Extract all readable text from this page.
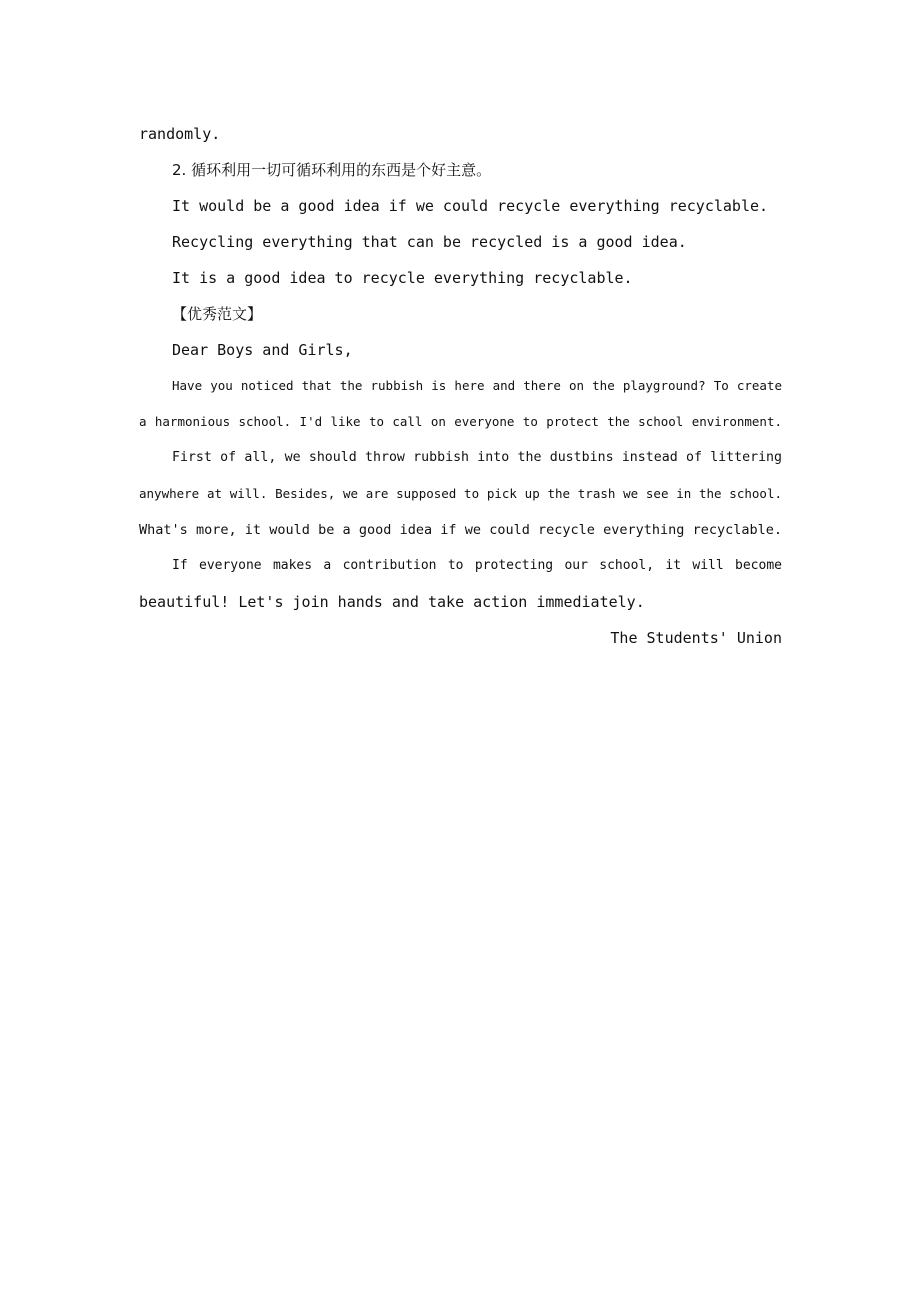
randomly.
2. 循环利用一切可循环利用的东西是个好主意。
It would be a good idea if we could recycle everything recyclable.
Recycling everything that can be recycled is a good idea.
It is a good idea to recycle everything recyclable.
【优秀范文】
Dear Boys and Girls,
Have you noticed that the rubbish is here and there on the playground? To create
a harmonious school. I'd like to call on everyone to protect the school environment.
First of all, we should throw rubbish into the dustbins instead of littering
anywhere at will. Besides, we are supposed to pick up the trash we see in the school.
What's more, it would be a good idea if we could recycle everything recyclable.
If everyone makes a contribution to protecting our school, it will become
beautiful! Let's join hands and take action immediately.
The Students' Union
